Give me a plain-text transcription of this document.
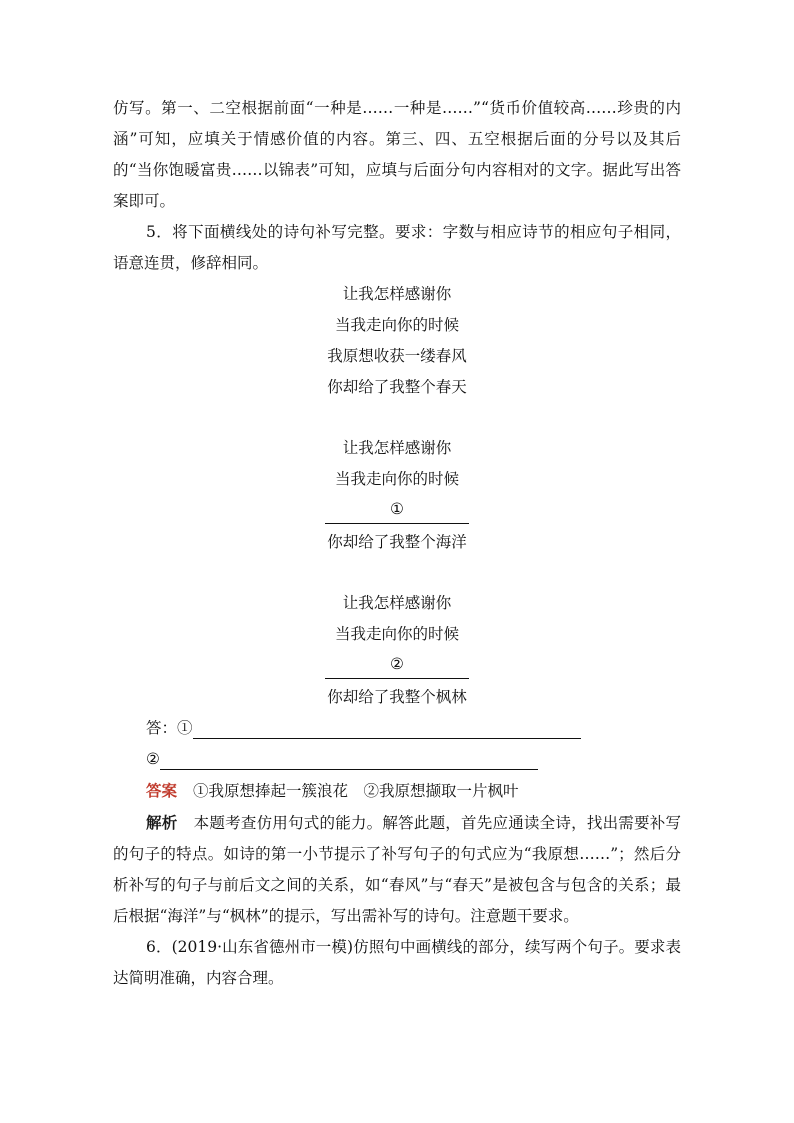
仿写。第一、二空根据前面“一种是……一种是……”“货币价值较高……珍贵的内涵”可知，应填关于情感价值的内容。第三、四、五空根据后面的分号以及其后的“当你饱暖富贵……以锦表”可知，应填与后面分句内容相对的文字。据此写出答案即可。

5．将下面横线处的诗句补写完整。要求：字数与相应诗节的相应句子相同，语意连贯，修辞相同。

让我怎样感谢你
当我走向你的时候
我原想收获一缕春风
你却给了我整个春天
让我怎样感谢你
当我走向你的时候
①
你却给了我整个海洋
让我怎样感谢你
当我走向你的时候
②
你却给了我整个枫林
答：①
②

答案 ①我原想捧起一簇浪花　②我原想撷取一片枫叶

解析 本题考查仿用句式的能力。解答此题，首先应通读全诗，找出需要补写的句子的特点。如诗的第一小节提示了补写句子的句式应为“我原想……”；然后分析补写的句子与前后文之间的关系，如“春风”与“春天”是被包含与包含的关系；最后根据“海洋”与“枫林”的提示，写出需补写的诗句。注意题干要求。

6．(2019·山东省德州市一模)仿照句中画横线的部分，续写两个句子。要求表达简明准确，内容合理。
